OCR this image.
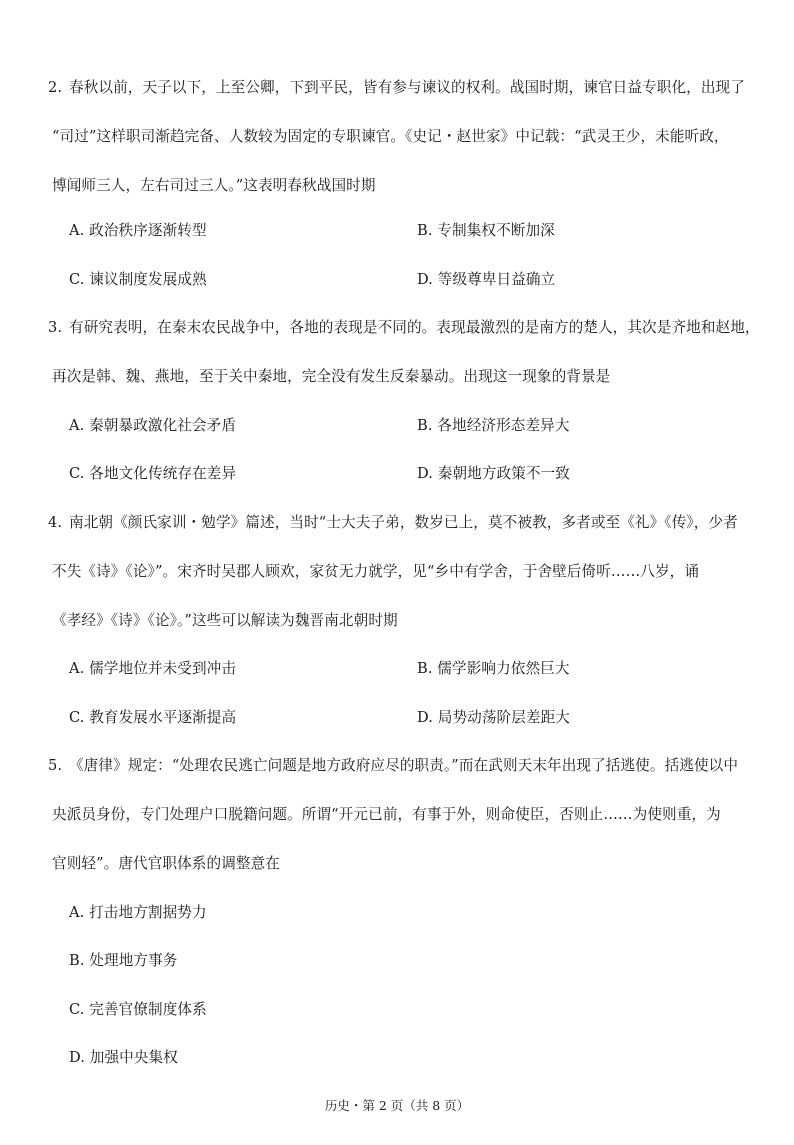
2. 春秋以前，天子以下，上至公卿，下到平民，皆有参与谏议的权利。战国时期，谏官日益专职化，出现了
“司过”这样职司渐趋完备、人数较为固定的专职谏官。《史记・赵世家》中记载：“武灵王少，未能听政，
博闻师三人，左右司过三人。”这表明春秋战国时期
A. 政治秩序逐渐转型	B. 专制集权不断加深
C. 谏议制度发展成熟	D. 等级尊卑日益确立
3. 有研究表明，在秦末农民战争中，各地的表现是不同的。表现最激烈的是南方的楚人，其次是齐地和赵地，
再次是韩、魏、燕地，至于关中秦地，完全没有发生反秦暴动。出现这一现象的背景是
A. 秦朝暴政激化社会矛盾	B. 各地经济形态差异大
C. 各地文化传统存在差异	D. 秦朝地方政策不一致
4. 南北朝《颜氏家训・勉学》篇述，当时“士大夫子弟，数岁已上，莫不被教，多者或至《礼》《传》，少者
不失《诗》《论》”。宋齐时吴郡人顾欢，家贫无力就学，见“乡中有学舍，于舍壁后倚听……八岁，诵
《孝经》《诗》《论》。”这些可以解读为魏晋南北朝时期
A. 儒学地位并未受到冲击	B. 儒学影响力依然巨大
C. 教育发展水平逐渐提高	D. 局势动荡阶层差距大
5. 《唐律》规定：“处理农民逃亡问题是地方政府应尽的职责。”而在武则天末年出现了括逃使。括逃使以中
央派员身份，专门处理户口脱籍问题。所谓“开元已前，有事于外，则命使臣，否则止……为使则重，为
官则轻”。唐代官职体系的调整意在
A. 打击地方割据势力
B. 处理地方事务
C. 完善官僚制度体系
D. 加强中央集权
历史・第 2 页（共 8 页）
